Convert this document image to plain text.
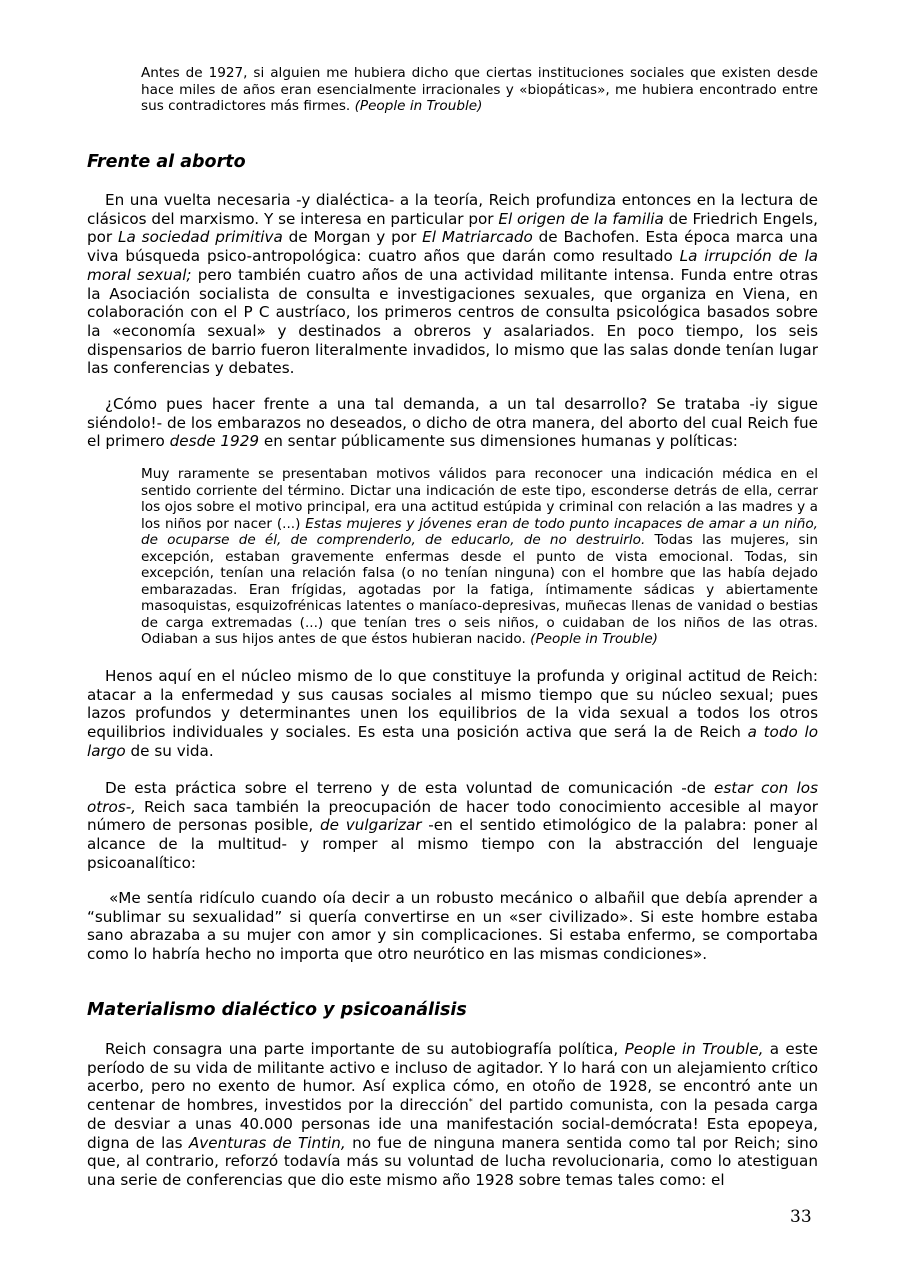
Antes de 1927, si alguien me hubiera dicho que ciertas instituciones sociales que existen desde hace miles de años eran esencialmente irracionales y «biopáticas», me hubiera encontrado entre sus contradictores más firmes. (People in Trouble)
Frente al aborto
En una vuelta necesaria -y dialéctica- a la teoría, Reich profundiza entonces en la lectura de clásicos del marxismo. Y se interesa en particular por El origen de la familia de Friedrich Engels, por La sociedad primitiva de Morgan y por El Matriarcado de Bachofen. Esta época marca una viva búsqueda psico-antropológica: cuatro años que darán como resultado La irrupción de la moral sexual; pero también cuatro años de una actividad militante intensa. Funda entre otras la Asociación socialista de consulta e investigaciones sexuales, que organiza en Viena, en colaboración con el P C austríaco, los primeros centros de consulta psicológica basados sobre la «economía sexual» y destinados a obreros y asalariados. En poco tiempo, los seis dispensarios de barrio fueron literalmente invadidos, lo mismo que las salas donde tenían lugar las conferencias y debates.
¿Cómo pues hacer frente a una tal demanda, a un tal desarrollo? Se trataba -iy sigue siéndolo!- de los embarazos no deseados, o dicho de otra manera, del aborto del cual Reich fue el primero desde 1929 en sentar públicamente sus dimensiones humanas y políticas:
Muy raramente se presentaban motivos válidos para reconocer una indicación médica en el sentido corriente del término. Dictar una indicación de este tipo, esconderse detrás de ella, cerrar los ojos sobre el motivo principal, era una actitud estúpida y criminal con relación a las madres y a los niños por nacer (...) Estas mujeres y jóvenes eran de todo punto incapaces de amar a un niño, de ocuparse de él, de comprenderlo, de educarlo, de no destruirlo. Todas las mujeres, sin excepción, estaban gravemente enfermas desde el punto de vista emocional. Todas, sin excepción, tenían una relación falsa (o no tenían ninguna) con el hombre que las había dejado embarazadas. Eran frígidas, agotadas por la fatiga, íntimamente sádicas y abiertamente masoquistas, esquizofrénicas latentes o maníaco-depresivas, muñecas llenas de vanidad o bestias de carga extremadas (...) que tenían tres o seis niños, o cuidaban de los niños de las otras. Odiaban a sus hijos antes de que éstos hubieran nacido. (People in Trouble)
Henos aquí en el núcleo mismo de lo que constituye la profunda y original actitud de Reich: atacar a la enfermedad y sus causas sociales al mismo tiempo que su núcleo sexual; pues lazos profundos y determinantes unen los equilibrios de la vida sexual a todos los otros equilibrios individuales y sociales. Es esta una posición activa que será la de Reich a todo lo largo de su vida.
De esta práctica sobre el terreno y de esta voluntad de comunicación -de estar con los otros-, Reich saca también la preocupación de hacer todo conocimiento accesible al mayor número de personas posible, de vulgarizar -en el sentido etimológico de la palabra: poner al alcance de la multitud- y romper al mismo tiempo con la abstracción del lenguaje psicoanalítico:
«Me sentía ridículo cuando oía decir a un robusto mecánico o albañil que debía aprender a “sublimar su sexualidad” si quería convertirse en un «ser civilizado». Si este hombre estaba sano abrazaba a su mujer con amor y sin complicaciones. Si estaba enfermo, se comportaba como lo habría hecho no importa que otro neurótico en las mismas condiciones».
Materialismo dialéctico y psicoanálisis
Reich consagra una parte importante de su autobiografía política, People in Trouble, a este período de su vida de militante activo e incluso de agitador. Y lo hará con un alejamiento crítico acerbo, pero no exento de humor. Así explica cómo, en otoño de 1928, se encontró ante un centenar de hombres, investidos por la dirección* del partido comunista, con la pesada carga de desviar a unas 40.000 personas ide una manifestación social-demócrata! Esta epopeya, digna de las Aventuras de Tintin, no fue de ninguna manera sentida como tal por Reich; sino que, al contrario, reforzó todavía más su voluntad de lucha revolucionaria, como lo atestiguan una serie de conferencias que dio este mismo año 1928 sobre temas tales como: el
33
